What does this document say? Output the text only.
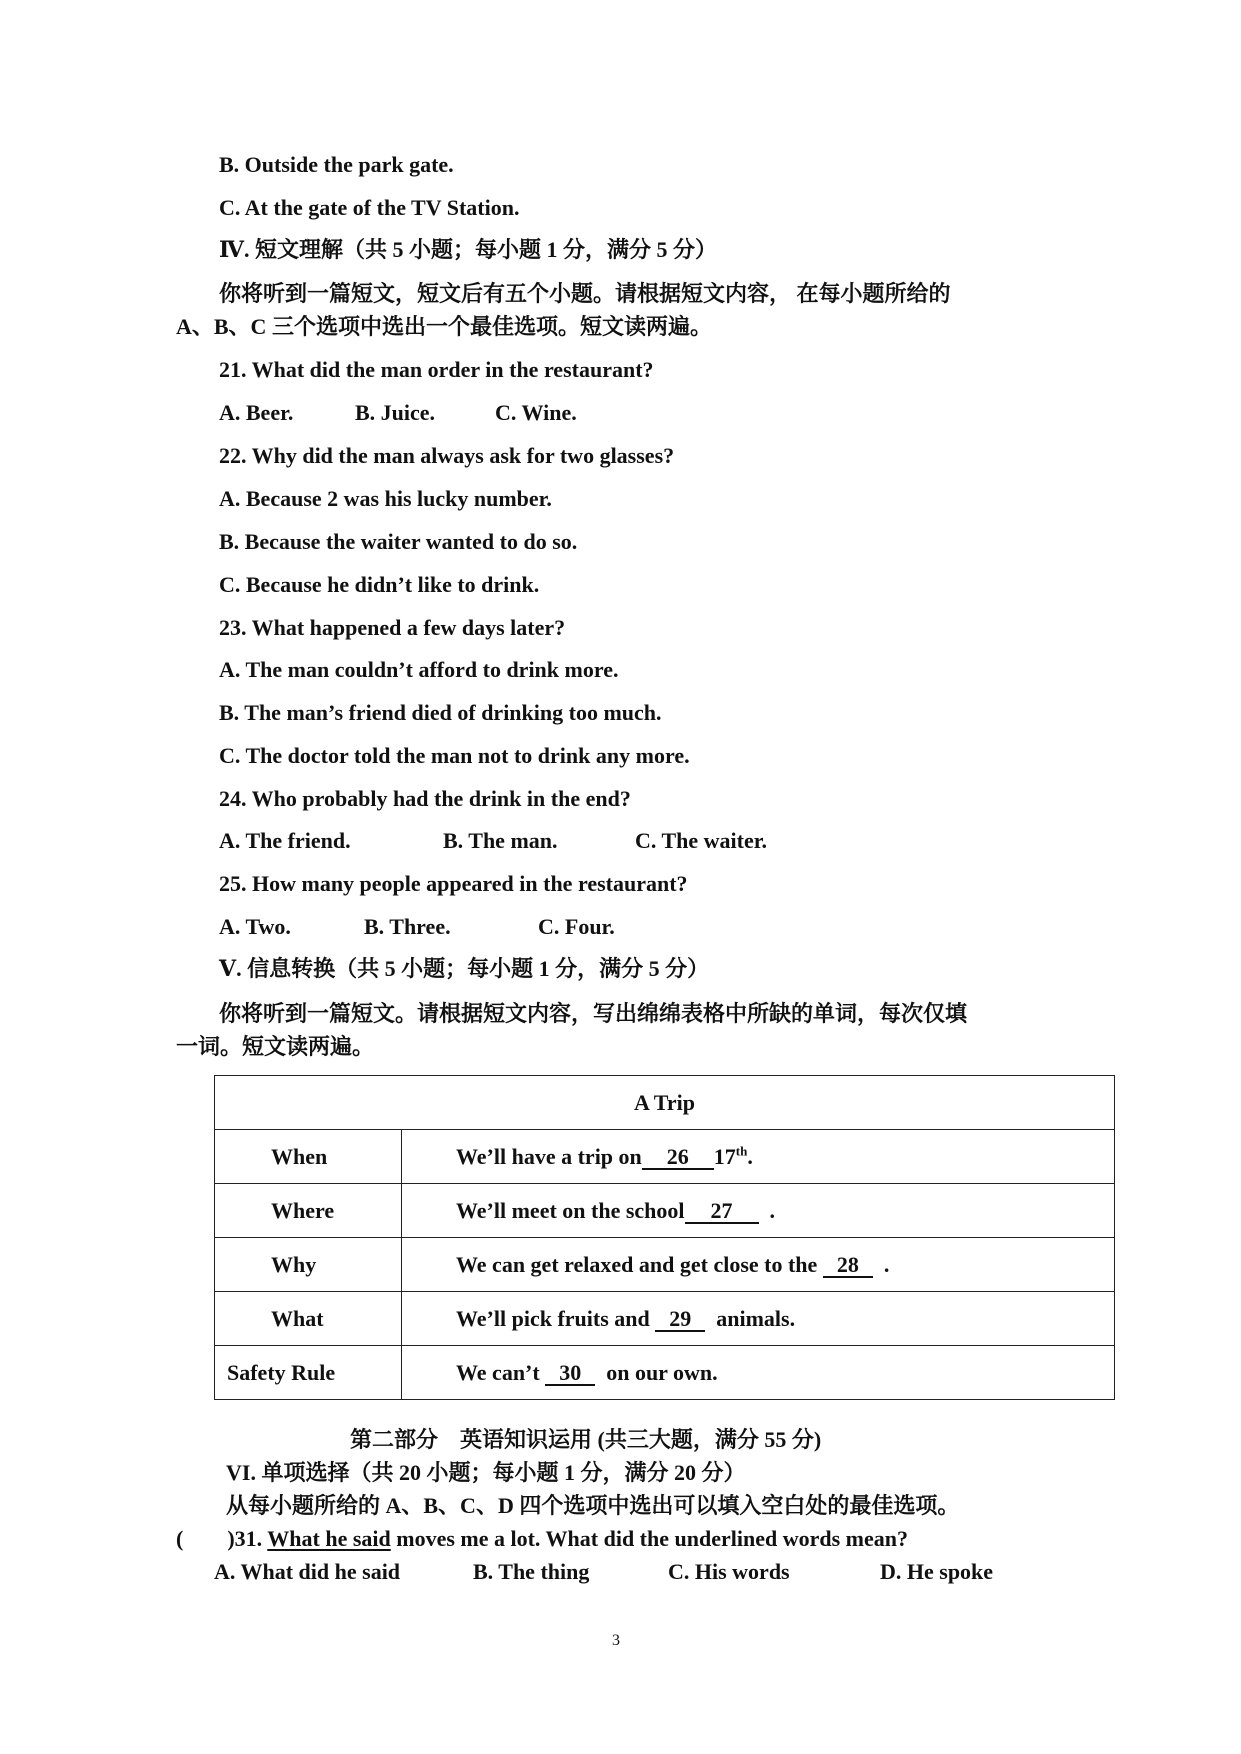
B. Outside the park gate.
C. At the gate of the TV Station.
Ⅳ. 短文理解（共 5 小题；每小题 1 分，满分 5 分）
你将听到一篇短文，短文后有五个小题。请根据短文内容， 在每小题所给的
A、B、C 三个选项中选出一个最佳选项。短文读两遍。
21. What did the man order in the restaurant?
A. Beer.	B. Juice.	C. Wine.
22. Why did the man always ask for two glasses?
A. Because 2 was his lucky number.
B. Because the waiter wanted to do so.
C. Because he didn’t like to drink.
23. What happened a few days later?
A. The man couldn’t afford to drink more.
B. The man’s friend died of drinking too much.
C. The doctor told the man not to drink any more.
24. Who probably had the drink in the end?
A. The friend.	B. The man.	C. The waiter.
25. How many people appeared in the restaurant?
A. Two.	B. Three.	C. Four.
Ⅴ. 信息转换（共 5 小题；每小题 1 分，满分 5 分）
你将听到一篇短文。请根据短文内容，写出绵绵表格中所缺的单词，每次仅填
一词。短文读两遍。
A Trip	

When	We’ll have a trip on 26 17th.

Where	We’ll meet on the school 27  .

Why	We can get relaxed and get close to the 28  .

What	We’ll pick fruits and 29  animals.

Safety Rule	We can’t 30  on our own.
第二部分　英语知识运用 (共三大题，满分 55 分)
VI. 单项选择（共 20 小题；每小题 1 分，满分 20 分）
从每小题所给的 A、B、C、D 四个选项中选出可以填入空白处的最佳选项。
(        )31. What he said moves me a lot. What did the underlined words mean?
A. What did he said	B. The thing	C. His words	D. He spoke
3
